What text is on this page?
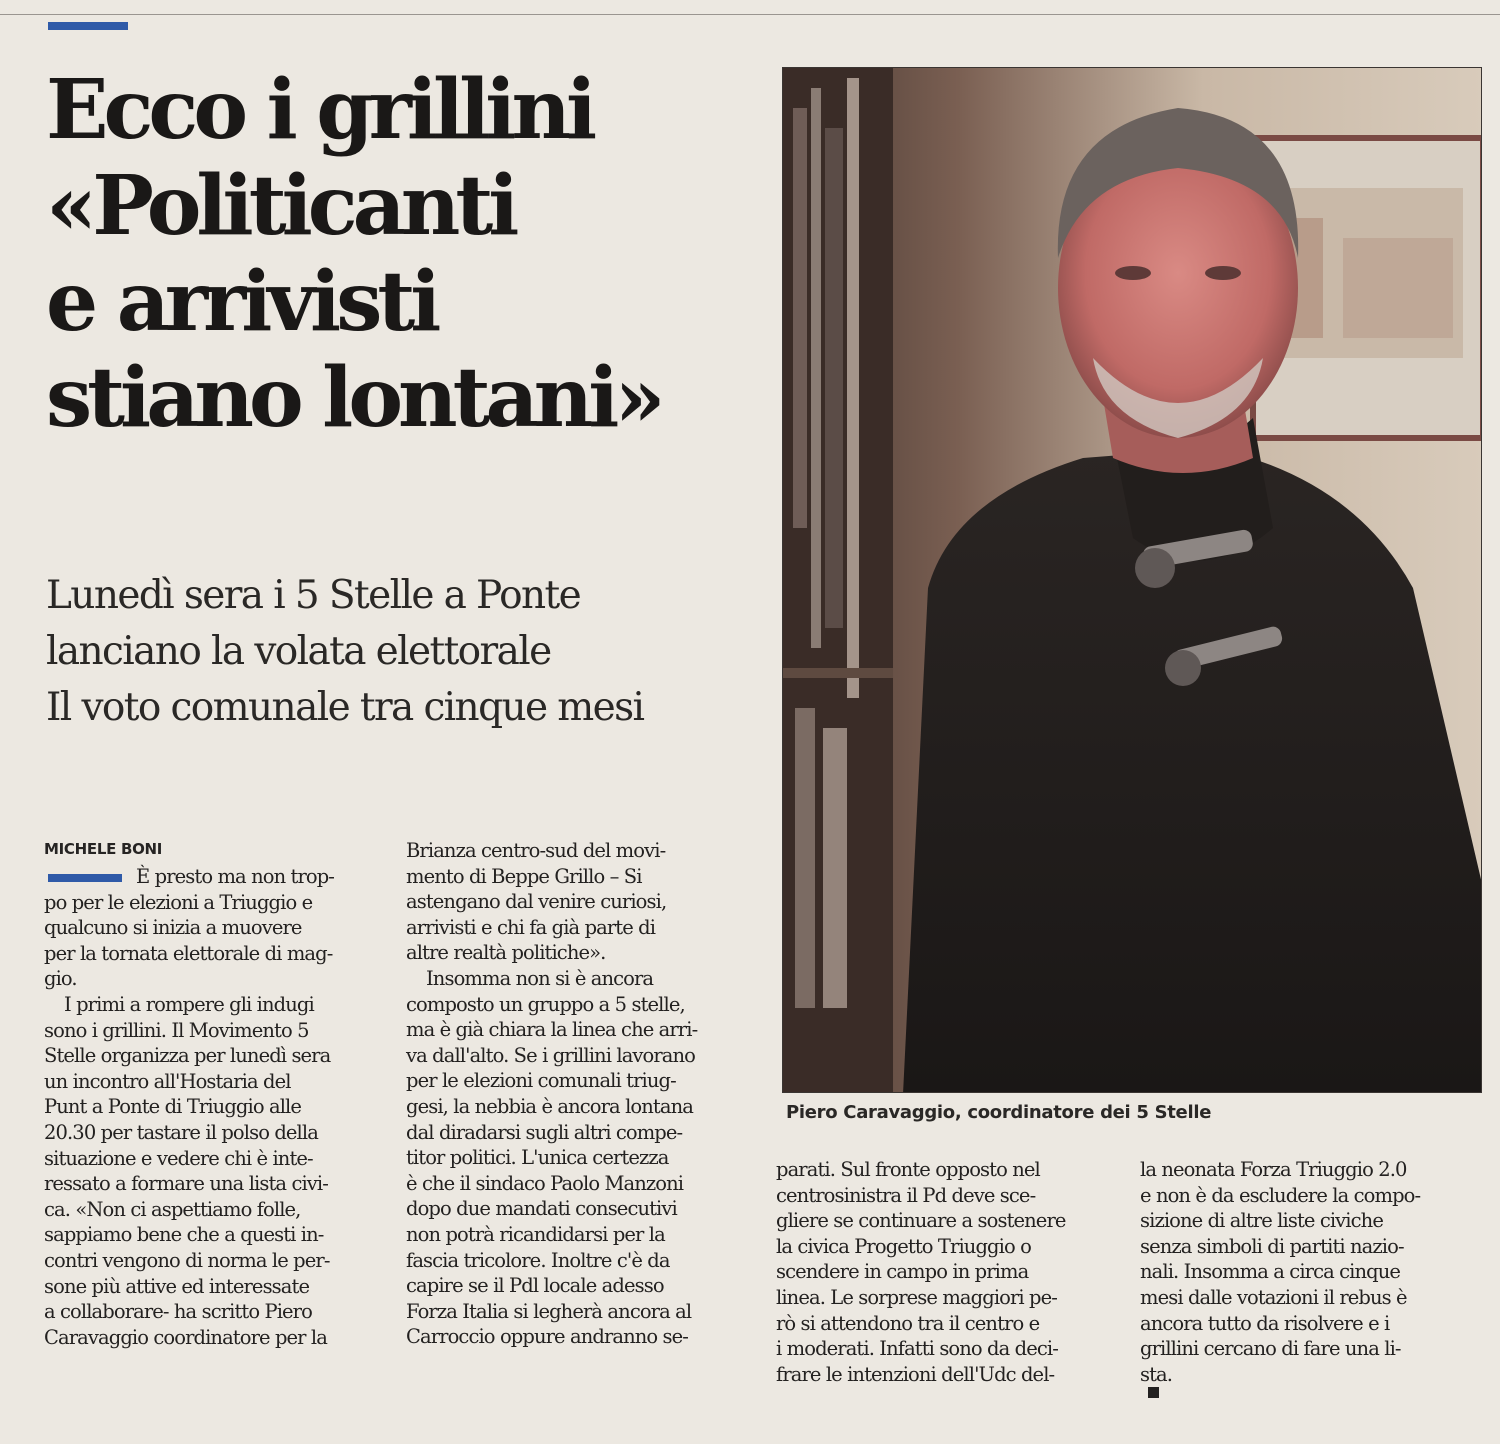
Ecco i grillini
«Politicanti
e arrivisti
stiano lontani»
Lunedì sera i 5 Stelle a Ponte
lanciano la volata elettorale
Il voto comunale tra cinque mesi
Piero Caravaggio, coordinatore dei 5 Stelle
MICHELE BONI
È presto ma non trop-
po per le elezioni a Triuggio e
qualcuno si inizia a muovere
per la tornata elettorale di mag-
gio.
I primi a rompere gli indugi
sono i grillini. Il Movimento 5
Stelle organizza per lunedì sera
un incontro all'Hostaria del
Punt a Ponte di Triuggio alle
20.30 per tastare il polso della
situazione e vedere chi è inte-
ressato a formare una lista civi-
ca. «Non ci aspettiamo folle,
sappiamo bene che a questi in-
contri vengono di norma le per-
sone più attive ed interessate
a collaborare- ha scritto Piero
Caravaggio coordinatore per la
Brianza centro-sud del movi-
mento di Beppe Grillo – Si
astengano dal venire curiosi,
arrivisti e chi fa già parte di
altre realtà politiche».
Insomma non si è ancora
composto un gruppo a 5 stelle,
ma è già chiara la linea che arri-
va dall'alto. Se i grillini lavorano
per le elezioni comunali triug-
gesi, la nebbia è ancora lontana
dal diradarsi sugli altri compe-
titor politici. L'unica certezza
è che il sindaco Paolo Manzoni
dopo due mandati consecutivi
non potrà ricandidarsi per la
fascia tricolore. Inoltre c'è da
capire se il Pdl locale adesso
Forza Italia si legherà ancora al
Carroccio oppure andranno se-
parati. Sul fronte opposto nel
centrosinistra il Pd deve sce-
gliere se continuare a sostenere
la civica Progetto Triuggio o
scendere in campo in prima
linea. Le sorprese maggiori pe-
rò si attendono tra il centro e
i moderati. Infatti sono da deci-
frare le intenzioni dell'Udc del-
la neonata Forza Triuggio 2.0
e non è da escludere la compo-
sizione di altre liste civiche
senza simboli di partiti nazio-
nali. Insomma a circa cinque
mesi dalle votazioni il rebus è
ancora tutto da risolvere e i
grillini cercano di fare una li-
sta.
